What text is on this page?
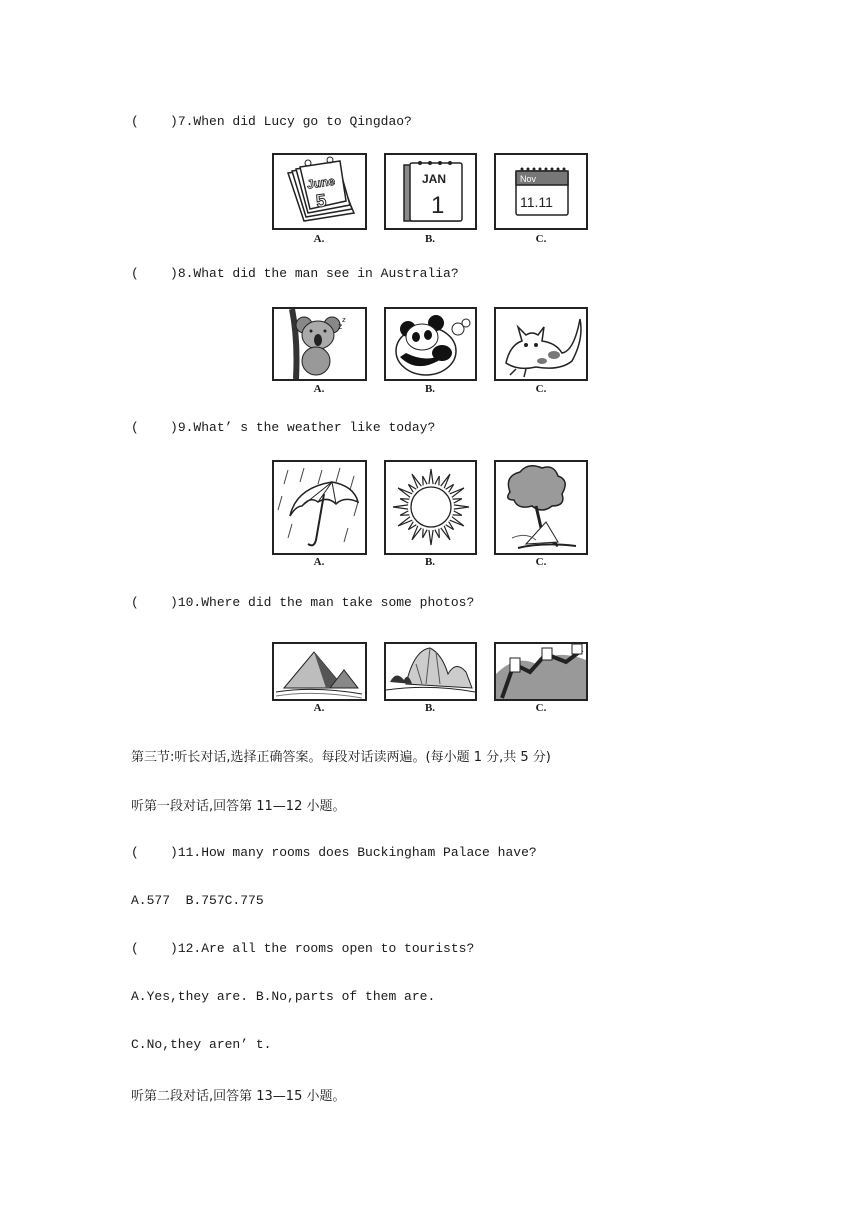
(    )7.When did Lucy go to Qingdao?
June
5
A.
JAN
1
B.
Nov
11.11
C.
(    )8.What did the man see in Australia?
z
z
A.	B.	C.
(    )9.What’ s the weather like today?
A.	B.	C.
(    )10.Where did the man take some photos?
A.	B.	C.
第三节:听长对话,选择正确答案。每段对话读两遍。(每小题 1 分,共 5 分)
听第一段对话,回答第 11—12 小题。
(    )11.How many rooms does Buckingham Palace have?
A.577  B.757C.775
(    )12.Are all the rooms open to tourists?
A.Yes,they are. B.No,parts of them are.
C.No,they aren’ t.
听第二段对话,回答第 13—15 小题。
